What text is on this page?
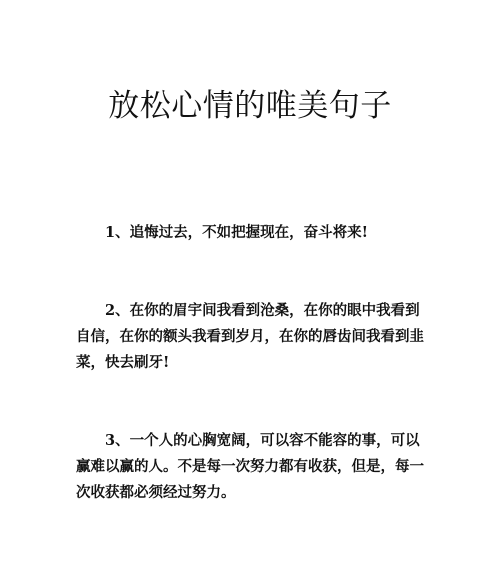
放松心情的唯美句子

1、追悔过去，不如把握现在，奋斗将来!

2、在你的眉宇间我看到沧桑，在你的眼中我看到自信，在你的额头我看到岁月，在你的唇齿间我看到韭菜，快去刷牙!

3、一个人的心胸宽阔，可以容不能容的事，可以赢难以赢的人。不是每一次努力都有收获，但是，每一次收获都必须经过努力。
